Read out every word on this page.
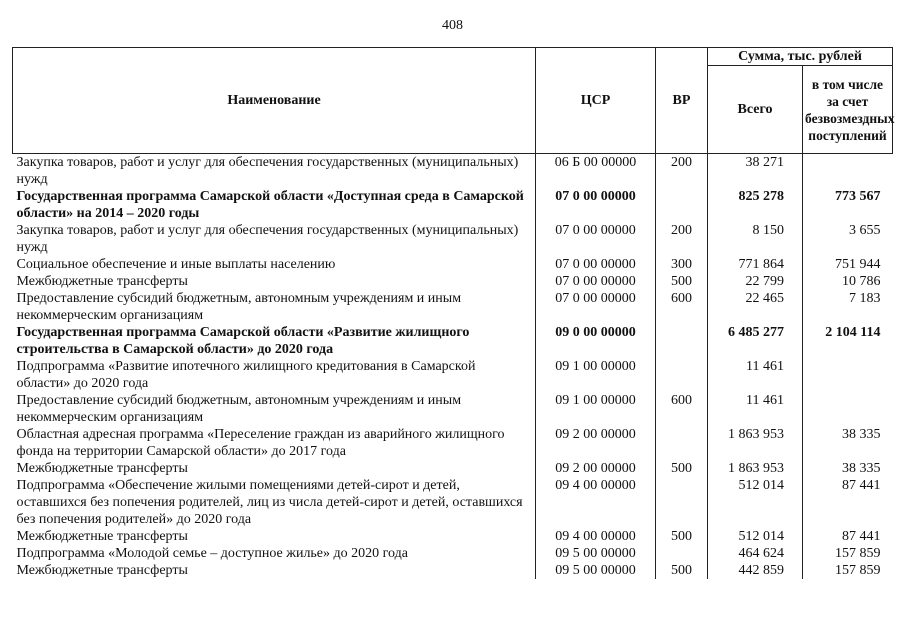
408
Наименование	ЦСР	ВР	Сумма, тыс. рублей	
			Всего	в том числе за счет безвозмездных поступлений
Закупка товаров, работ и услуг для обеспечения государственных (муниципальных) нужд	06 Б 00 00000	200	38 271	
Государственная программа Самарской области «Доступная среда в Самарской области» на 2014 – 2020 годы	07 0 00 00000		825 278	773 567
Закупка товаров, работ и услуг для обеспечения государственных (муниципальных) нужд	07 0 00 00000	200	8 150	3 655
Социальное обеспечение и иные выплаты населению	07 0 00 00000	300	771 864	751 944
Межбюджетные трансферты	07 0 00 00000	500	22 799	10 786
Предоставление субсидий бюджетным, автономным учреждениям и иным некоммерческим организациям	07 0 00 00000	600	22 465	7 183
Государственная программа Самарской области «Развитие жилищного строительства в Самарской области» до 2020 года	09 0 00 00000		6 485 277	2 104 114
Подпрограмма «Развитие ипотечного жилищного кредитования в Самарской области» до 2020 года	09 1 00 00000		11 461	
Предоставление субсидий бюджетным, автономным учреждениям и иным некоммерческим организациям	09 1 00 00000	600	11 461	
Областная адресная программа «Переселение граждан из аварийного жилищного фонда на территории Самарской области» до 2017 года	09 2 00 00000		1 863 953	38 335
Межбюджетные трансферты	09 2 00 00000	500	1 863 953	38 335
Подпрограмма «Обеспечение жилыми помещениями детей-сирот и детей, оставшихся без попечения родителей, лиц из числа детей-сирот и детей, оставшихся без попечения родителей» до 2020 года	09 4 00 00000		512 014	87 441
Межбюджетные трансферты	09 4 00 00000	500	512 014	87 441
Подпрограмма «Молодой семье – доступное жилье» до 2020 года	09 5 00 00000		464 624	157 859
Межбюджетные трансферты	09 5 00 00000	500	442 859	157 859
